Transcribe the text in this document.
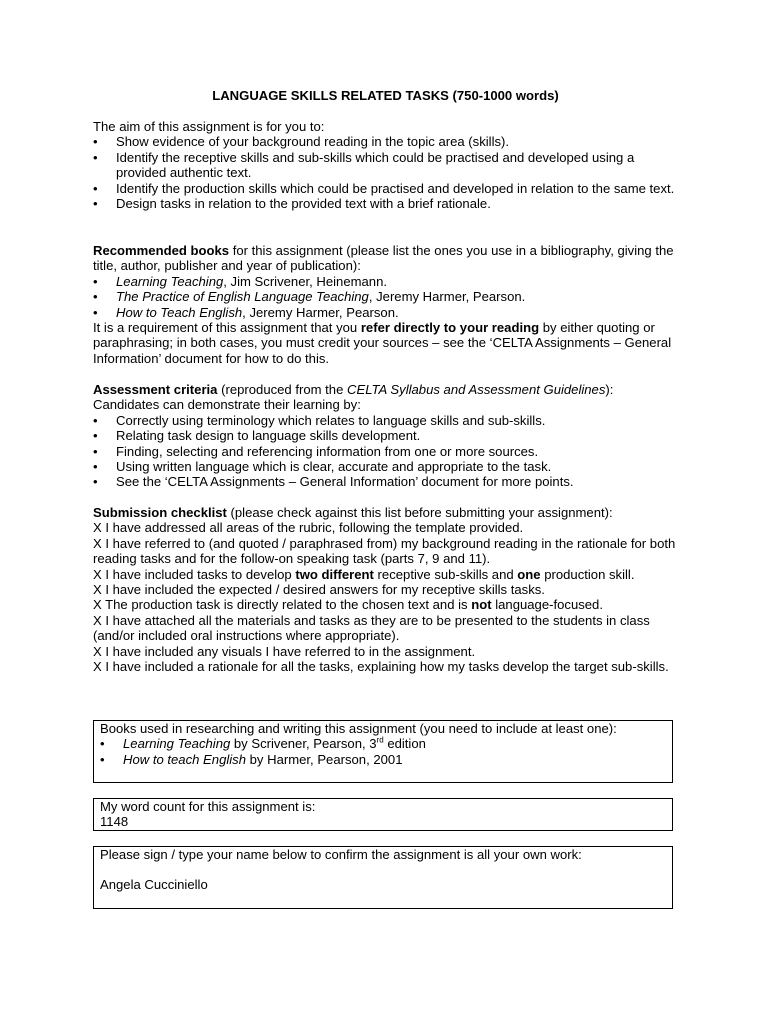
LANGUAGE SKILLS RELATED TASKS (750-1000 words)

The aim of this assignment is for you to:

• Show evidence of your background reading in the topic area (skills).
• Identify the receptive skills and sub-skills which could be practised and developed using a provided authentic text.
• Identify the production skills which could be practised and developed in relation to the same text.
• Design tasks in relation to the provided text with a brief rationale.

Recommended books for this assignment (please list the ones you use in a bibliography, giving the title, author, publisher and year of publication):

• Learning Teaching, Jim Scrivener, Heinemann.
• The Practice of English Language Teaching, Jeremy Harmer, Pearson.
• How to Teach English, Jeremy Harmer, Pearson.

It is a requirement of this assignment that you refer directly to your reading by either quoting or paraphrasing; in both cases, you must credit your sources – see the ‘CELTA Assignments – General Information’ document for how to do this.

Assessment criteria (reproduced from the CELTA Syllabus and Assessment Guidelines):

Candidates can demonstrate their learning by:

• Correctly using terminology which relates to language skills and sub-skills.
• Relating task design to language skills development.
• Finding, selecting and referencing information from one or more sources.
• Using written language which is clear, accurate and appropriate to the task.
• See the ‘CELTA Assignments – General Information’ document for more points.

Submission checklist (please check against this list before submitting your assignment):

X I have addressed all areas of the rubric, following the template provided.

X I have referred to (and quoted / paraphrased from) my background reading in the rationale for both reading tasks and for the follow-on speaking task (parts 7, 9 and 11).

X I have included tasks to develop two different receptive sub-skills and one production skill.

X I have included the expected / desired answers for my receptive skills tasks.

X The production task is directly related to the chosen text and is not language-focused.

X I have attached all the materials and tasks as they are to be presented to the students in class (and/or included oral instructions where appropriate).

X I have included any visuals I have referred to in the assignment.

X I have included a rationale for all the tasks, explaining how my tasks develop the target sub-skills.

Books used in researching and writing this assignment (you need to include at least one):

• Learning Teaching by Scrivener, Pearson, 3rd edition
• How to teach English by Harmer, Pearson, 2001

My word count for this assignment is:

1148

Please sign / type your name below to confirm the assignment is all your own work:

Angela Cucciniello
